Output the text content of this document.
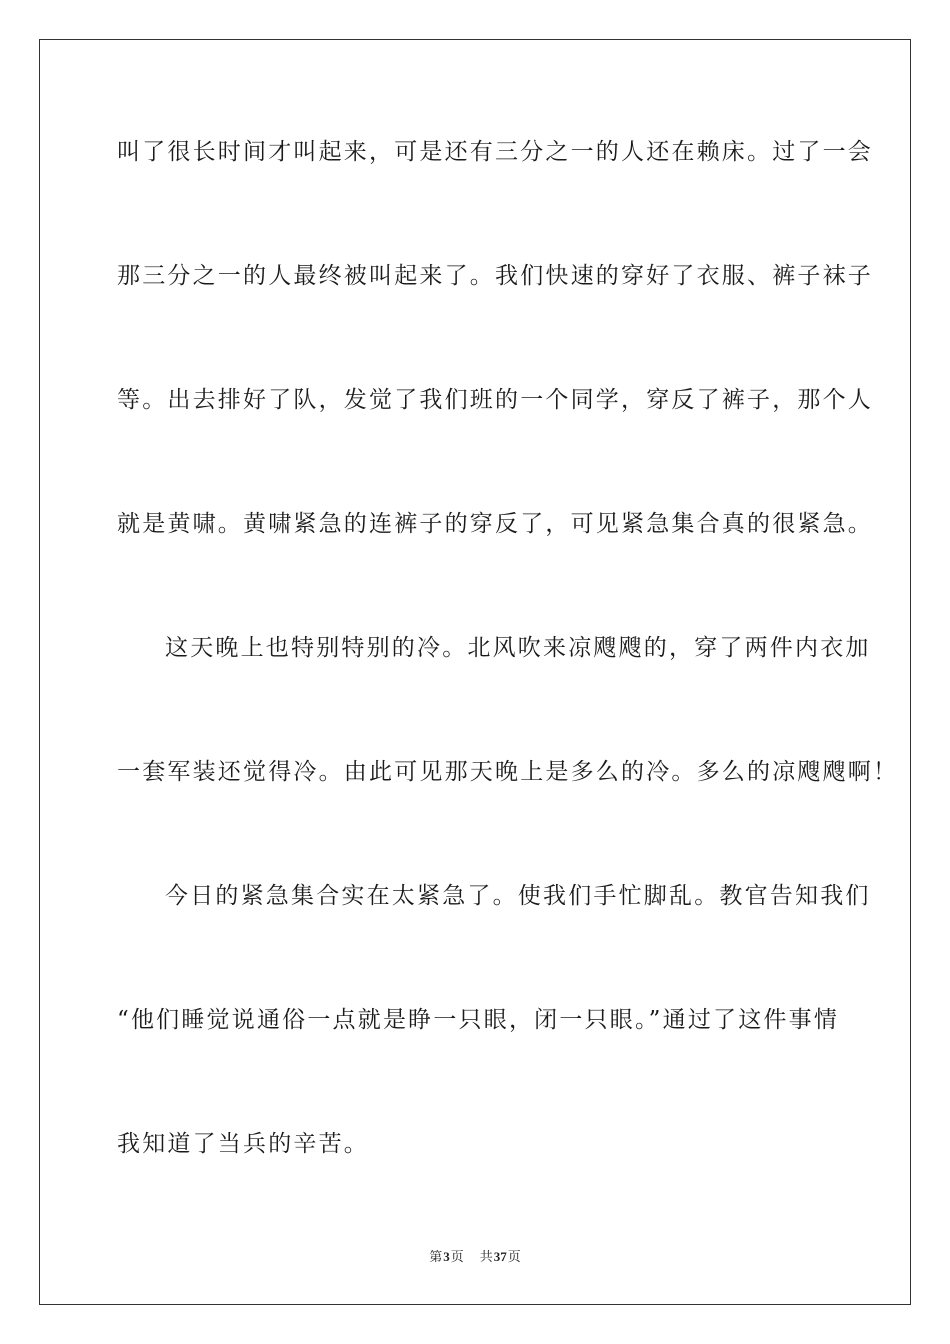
叫了很长时间才叫起来，可是还有三分之一的人还在赖床。过了一会
那三分之一的人最终被叫起来了。我们快速的穿好了衣服、裤子袜子
等。出去排好了队，发觉了我们班的一个同学，穿反了裤子，那个人
就是黄啸。黄啸紧急的连裤子的穿反了，可见紧急集合真的很紧急。
这天晚上也特别特别的冷。北风吹来凉飕飕的，穿了两件内衣加
一套军装还觉得冷。由此可见那天晚上是多么的冷。多么的凉飕飕啊！
今日的紧急集合实在太紧急了。使我们手忙脚乱。教官告知我们
“他们睡觉说通俗一点就是睁一只眼，闭一只眼。”通过了这件事情
我知道了当兵的辛苦。
第3页 共37页
